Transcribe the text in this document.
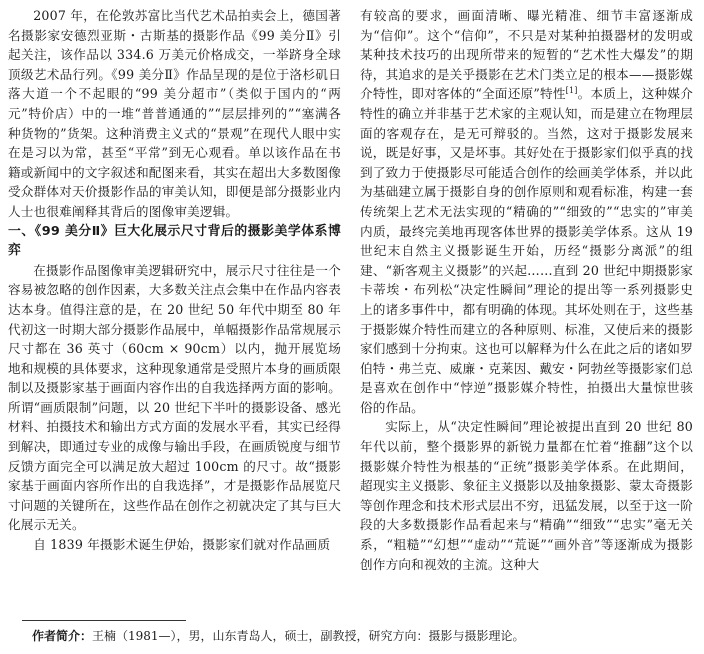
2007 年，在伦敦苏富比当代艺术品拍卖会上，德国著名摄影家安德烈亚斯・古斯基的摄影作品《99 美分Ⅱ》引起关注，该作品以 334.6 万美元价格成交，一举跻身全球顶级艺术品行列。《99 美分Ⅱ》作品呈现的是位于洛杉矶日落大道一个不起眼的“99 美分超市”（类似于国内的“两元”特价店）中的一堆“普普通通的”“层层排列的”“塞满各种货物的”货架。这种消费主义式的“景观”在现代人眼中实在是习以为常，甚至“平常”到无心观看。单以该作品在书籍或新闻中的文字叙述和配图来看，其实在超出大多数图像受众群体对天价摄影作品的审美认知，即便是部分摄影业内人士也很难阐释其背后的图像审美逻辑。

一、《99 美分Ⅱ》巨大化展示尺寸背后的摄影美学体系博弈

在摄影作品图像审美逻辑研究中，展示尺寸往往是一个容易被忽略的创作因素，大多数关注点会集中在作品内容表达本身。值得注意的是，在 20 世纪 50 年代中期至 80 年代初这一时期大部分摄影作品展中，单幅摄影作品常规展示尺寸都在 36 英寸（60cm × 90cm）以内，抛开展览场地和规模的具体要求，这种现象通常是受照片本身的画质限制以及摄影家基于画面内容作出的自我选择两方面的影响。所谓“画质限制”问题，以 20 世纪下半叶的摄影设备、感光材料、拍摄技术和输出方式方面的发展水平看，其实已经得到解决，即通过专业的成像与输出手段，在画质锐度与细节反馈方面完全可以满足放大超过 100cm 的尺寸。故“摄影家基于画面内容所作出的自我选择”，才是摄影作品展览尺寸问题的关键所在，这些作品在创作之初就决定了其与巨大化展示无关。

自 1839 年摄影术诞生伊始，摄影家们就对作品画质

有较高的要求，画面清晰、曝光精准、细节丰富逐渐成为“信仰”。这个“信仰”，不只是对某种拍摄器材的发明或某种技术技巧的出现所带来的短暂的“艺术性大爆发”的期待，其追求的是关乎摄影在艺术门类立足的根本——摄影媒介特性，即对客体的“全面还原”特性[1]。本质上，这种媒介特性的确立并非基于艺术家的主观认知，而是建立在物理层面的客观存在，是无可辩驳的。当然，这对于摄影发展来说，既是好事，又是坏事。其好处在于摄影家们似乎真的找到了致力于使摄影尽可能适合创作的绘画美学体系，并以此为基础建立属于摄影自身的创作原则和观看标准，构建一套传统架上艺术无法实现的“精确的”“细致的”“忠实的”审美内质，最终完美地再现客体世界的摄影美学体系。这从 19 世纪末自然主义摄影诞生开始，历经“摄影分离派”的组建、“新客观主义摄影”的兴起……直到 20 世纪中期摄影家卡蒂埃・布列松“决定性瞬间”理论的提出等一系列摄影史上的诸多事件中，都有明确的体现。其坏处则在于，这些基于摄影媒介特性而建立的各种原则、标准，又使后来的摄影家们感到十分拘束。这也可以解释为什么在此之后的诸如罗伯特・弗兰克、威廉・克莱因、戴安・阿勃丝等摄影家们总是喜欢在创作中“悖逆”摄影媒介特性，拍摄出大量惊世骇俗的作品。

实际上，从“决定性瞬间”理论被提出直到 20 世纪 80 年代以前，整个摄影界的新锐力量都在忙着“推翻”这个以摄影媒介特性为根基的“正统”摄影美学体系。在此期间，超现实主义摄影、象征主义摄影以及抽象摄影、蒙太奇摄影等创作理念和技术形式层出不穷，迅猛发展，以至于这一阶段的大多数摄影作品看起来与“精确”“细致”“忠实”毫无关系，“粗糙”“幻想”“虚动”“荒诞”“画外音”等逐渐成为摄影创作方向和视效的主流。这种大

作者简介：王楠（1981—），男，山东青岛人，硕士，副教授，研究方向：摄影与摄影理论。
